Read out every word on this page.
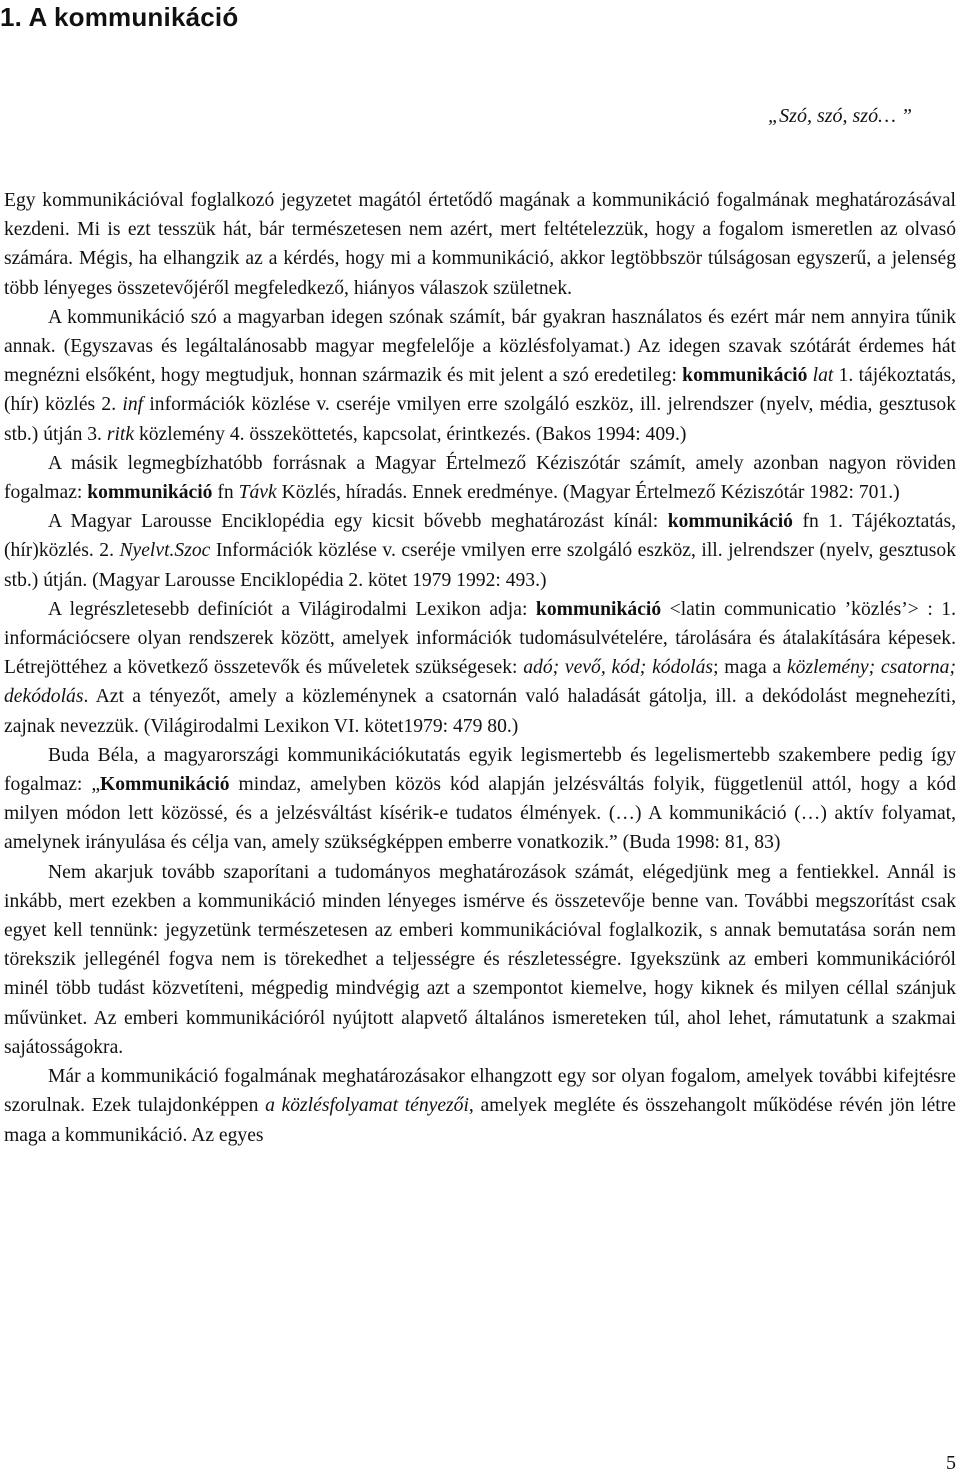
1. A kommunikáció

„Szó, szó, szó… ”

Egy kommunikációval foglalkozó jegyzetet magától értetődő magának a kommunikáció fogalmának meghatározásával kezdeni. Mi is ezt tesszük hát, bár természetesen nem azért, mert feltételezzük, hogy a fogalom ismeretlen az olvasó számára. Mégis, ha elhangzik az a kérdés, hogy mi a kommunikáció, akkor legtöbbször túlságosan egyszerű, a jelenség több lényeges összetevőjéről megfeledkező, hiányos válaszok születnek.

A kommunikáció szó a magyarban idegen szónak számít, bár gyakran használatos és ezért már nem annyira tűnik annak. (Egyszavas és legáltalánosabb magyar megfelelője a közlésfolyamat.) Az idegen szavak szótárát érdemes hát megnézni elsőként, hogy megtudjuk, honnan származik és mit jelent a szó eredetileg: kommunikáció lat 1. tájékoztatás, (hír) közlés 2. inf információk közlése v. cseréje vmilyen erre szolgáló eszköz, ill. jelrendszer (nyelv, média, gesztusok stb.) útján 3. ritk közlemény 4. összeköttetés, kapcsolat, érintkezés. (Bakos 1994: 409.)

A másik legmegbízhatóbb forrásnak a Magyar Értelmező Kéziszótár számít, amely azonban nagyon röviden fogalmaz: kommunikáció fn Távk Közlés, híradás. Ennek eredménye. (Magyar Értelmező Kéziszótár 1982: 701.)

A Magyar Larousse Enciklopédia egy kicsit bővebb meghatározást kínál: kommunikáció fn 1. Tájékoztatás, (hír)közlés. 2. Nyelvt.Szoc Információk közlése v. cseréje vmilyen erre szolgáló eszköz, ill. jelrendszer (nyelv, gesztusok stb.) útján. (Magyar Larousse Enciklopédia 2. kötet 1979 1992: 493.)

A legrészletesebb definíciót a Világirodalmi Lexikon adja: kommunikáció <latin communicatio ’közlés’> : 1. információcsere olyan rendszerek között, amelyek információk tudomásulvételére, tárolására és átalakítására képesek. Létrejöttéhez a következő összetevők és műveletek szükségesek: adó; vevő, kód; kódolás; maga a közlemény; csatorna; dekódolás. Azt a tényezőt, amely a közleménynek a csatornán való haladását gátolja, ill. a dekódolást megnehezíti, zajnak nevezzük. (Világirodalmi Lexikon VI. kötet1979: 479 80.)

Buda Béla, a magyarországi kommunikációkutatás egyik legismertebb és legelismertebb szakembere pedig így fogalmaz: „Kommunikáció mindaz, amelyben közös kód alapján jelzésváltás folyik, függetlenül attól, hogy a kód milyen módon lett közössé, és a jelzésváltást kísérik-e tudatos élmények. (…) A kommunikáció (…) aktív folyamat, amelynek irányulása és célja van, amely szükségképpen emberre vonatkozik.” (Buda 1998: 81, 83)

Nem akarjuk tovább szaporítani a tudományos meghatározások számát, elégedjünk meg a fentiekkel. Annál is inkább, mert ezekben a kommunikáció minden lényeges ismérve és összetevője benne van. További megszorítást csak egyet kell tennünk: jegyzetünk természetesen az emberi kommunikációval foglalkozik, s annak bemutatása során nem törekszik jellegénél fogva nem is törekedhet a teljességre és részletességre. Igyekszünk az emberi kommunikációról minél több tudást közvetíteni, mégpedig mindvégig azt a szempontot kiemelve, hogy kiknek és milyen céllal szánjuk művünket. Az emberi kommunikációról nyújtott alapvető általános ismereteken túl, ahol lehet, rámutatunk a szakmai sajátosságokra.

Már a kommunikáció fogalmának meghatározásakor elhangzott egy sor olyan fogalom, amelyek további kifejtésre szorulnak. Ezek tulajdonképpen a közlésfolyamat tényezői, amelyek megléte és összehangolt működése révén jön létre maga a kommunikáció. Az egyes

5
